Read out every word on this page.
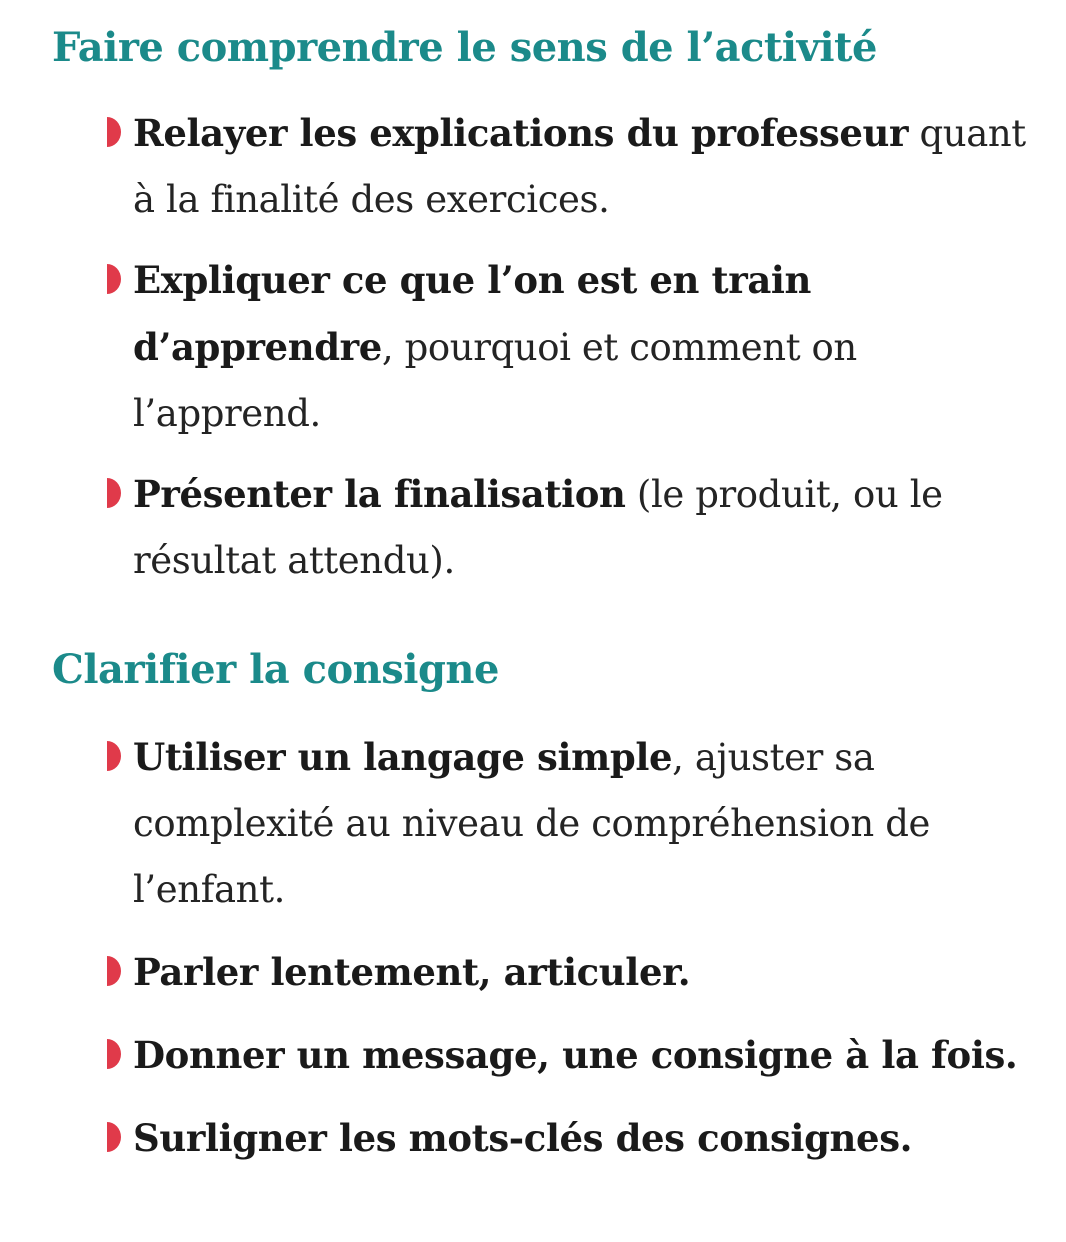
Faire comprendre le sens de l’activité
Relayer les explications du professeur quant à la finalité des exercices.
Expliquer ce que l’on est en train d’apprendre, pourquoi et comment on l’apprend.
Présenter la finalisation (le produit, ou le résultat attendu).
Clarifier la consigne
Utiliser un langage simple, ajuster sa complexité au niveau de compréhension de l’enfant.
Parler lentement, articuler.
Donner un message, une consigne à la fois.
Surligner les mots-clés des consignes.
